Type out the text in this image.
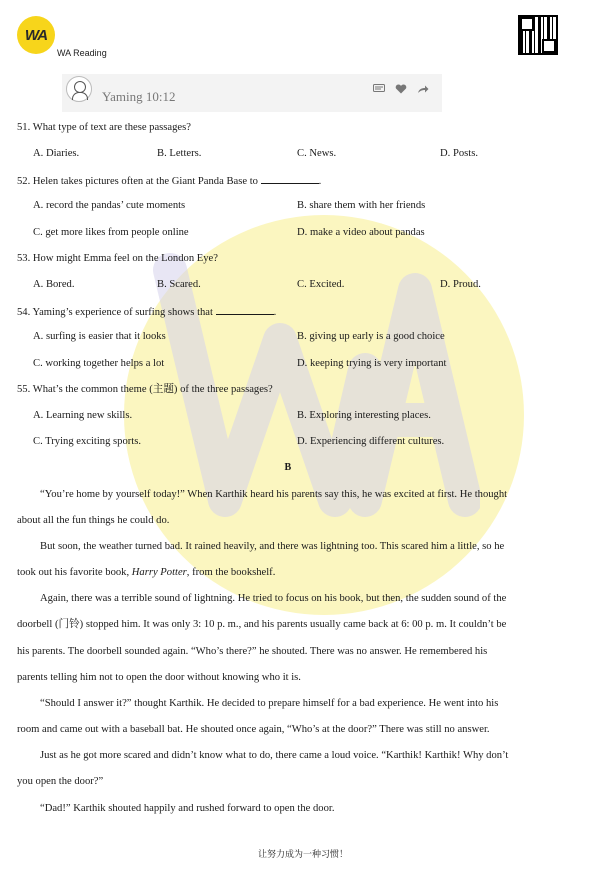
WA
WA Reading
Yaming 10:12
51. What type of text are these passages?
A. Diaries.	B. Letters.	C. News.	D. Posts.
52. Helen takes pictures often at the Giant Panda Base to	.
A. record the pandas’ cute moments	B. share them with her friends
C. get more likes from people online	D. make a video about pandas
53. How might Emma feel on the London Eye?
A. Bored.	B. Scared.	C. Excited.	D. Proud.
54. Yaming’s experience of surfing shows that	.
A. surfing is easier that it looks	B. giving up early is a good choice
C. working together helps a lot	D. keeping trying is very important
55. What’s the common theme (主题) of the three passages?
A. Learning new skills.	B. Exploring interesting places.
C. Trying exciting sports.	D. Experiencing different cultures.
B
“You’re home by yourself today!” When Karthik heard his parents say this, he was excited at first. He thought
about all the fun things he could do.
But soon, the weather turned bad. It rained heavily, and there was lightning too. This scared him a little, so he
took out his favorite book, Harry Potter, from the bookshelf.
Again, there was a terrible sound of lightning. He tried to focus on his book, but then, the sudden sound of the
doorbell (门铃) stopped him. It was only 3: 10 p. m., and his parents usually came back at 6: 00 p. m. It couldn’t be
his parents. The doorbell sounded again. “Who’s there?” he shouted. There was no answer. He remembered his
parents telling him not to open the door without knowing who it is.
“Should I answer it?” thought Karthik. He decided to prepare himself for a bad experience. He went into his
room and came out with a baseball bat. He shouted once again, “Who’s at the door?” There was still no answer.
Just as he got more scared and didn’t know what to do, there came a loud voice. “Karthik! Karthik! Why don’t
you open the door?”
“Dad!” Karthik shouted happily and rushed forward to open the door.
让努力成为一种习惯！
